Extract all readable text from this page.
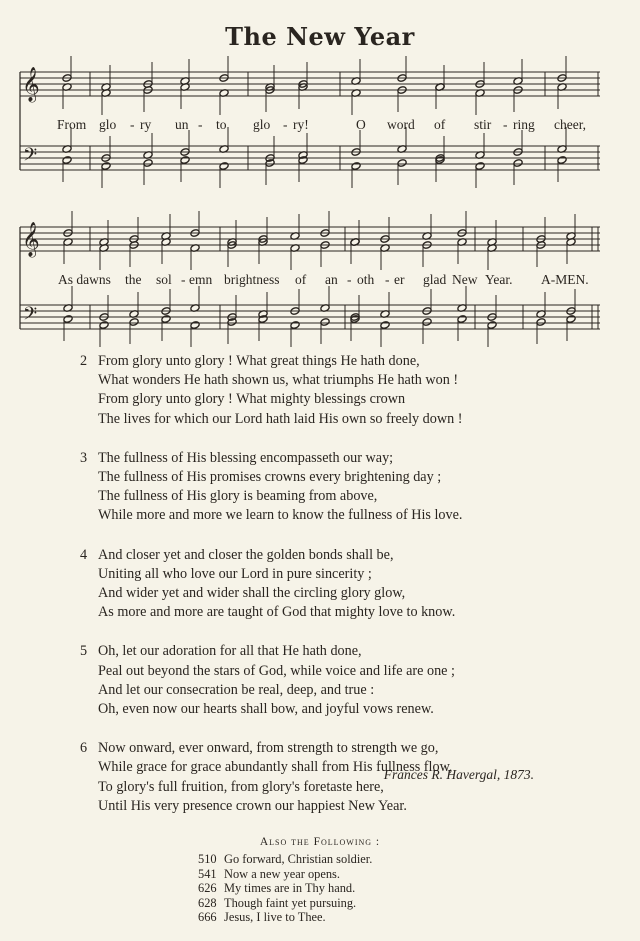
The New Year
𝄞
𝄢
𝄞
𝄢
From glo - ry un - to glo - ry!	O word of stir - ring cheer,
As dawns the sol - emn brightness of an - oth - er glad New Year. A-MEN.
2 From glory unto glory ! What great things He hath done,
What wonders He hath shown us, what triumphs He hath won !
From glory unto glory ! What mighty blessings crown
The lives for which our Lord hath laid His own so freely down !
3 The fullness of His blessing encompasseth our way;
The fullness of His promises crowns every brightening day ;
The fullness of His glory is beaming from above,
While more and more we learn to know the fullness of His love.
4 And closer yet and closer the golden bonds shall be,
Uniting all who love our Lord in pure sincerity ;
And wider yet and wider shall the circling glory glow,
As more and more are taught of God that mighty love to know.
5 Oh, let our adoration for all that He hath done,
Peal out beyond the stars of God, while voice and life are one ;
And let our consecration be real, deep, and true :
Oh, even now our hearts shall bow, and joyful vows renew.
6 Now onward, ever onward, from strength to strength we go,
While grace for grace abundantly shall from His fullness flow,
To glory's full fruition, from glory's foretaste here,
Until His very presence crown our happiest New Year.
Frances R. Havergal, 1873.
Also the Following :
510 Go forward, Christian soldier.
541 Now a new year opens.
626 My times are in Thy hand.
628 Though faint yet pursuing.
666 Jesus, I live to Thee.
